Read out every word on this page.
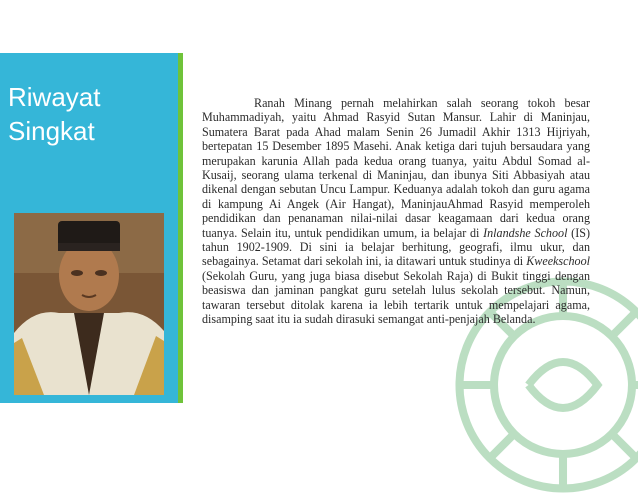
Riwayat
Singkat

Ranah Minang pernah melahirkan salah seorang tokoh besar Muhammadiyah, yaitu Ahmad Rasyid Sutan Mansur. Lahir di Maninjau, Sumatera Barat pada Ahad malam Senin 26 Jumadil Akhir 1313 Hijriyah, bertepatan 15 Desember 1895 Masehi. Anak ketiga dari tujuh bersaudara yang merupakan karunia Allah pada kedua orang tuanya, yaitu Abdul Somad al-Kusaij, seorang ulama terkenal di Maninjau, dan ibunya Siti Abbasiyah atau dikenal dengan sebutan Uncu Lampur. Keduanya adalah tokoh dan guru agama di kampung Ai Angek (Air Hangat), ManinjauAhmad Rasyid memperoleh pendidikan dan penanaman nilai-nilai dasar keagamaan dari kedua orang tuanya. Selain itu, untuk pendidikan umum, ia belajar di Inlandshe School (IS) tahun 1902-1909. Di sini ia belajar berhitung, geografi, ilmu ukur, dan sebagainya. Setamat dari sekolah ini, ia ditawari untuk studinya di Kweekschool (Sekolah Guru, yang juga biasa disebut Sekolah Raja) di Bukit tinggi dengan beasiswa dan jaminan pangkat guru setelah lulus sekolah tersebut. Namun, tawaran tersebut ditolak karena ia lebih tertarik untuk mempelajari agama, disamping saat itu ia sudah dirasuki semangat anti-penjajah Belanda.
